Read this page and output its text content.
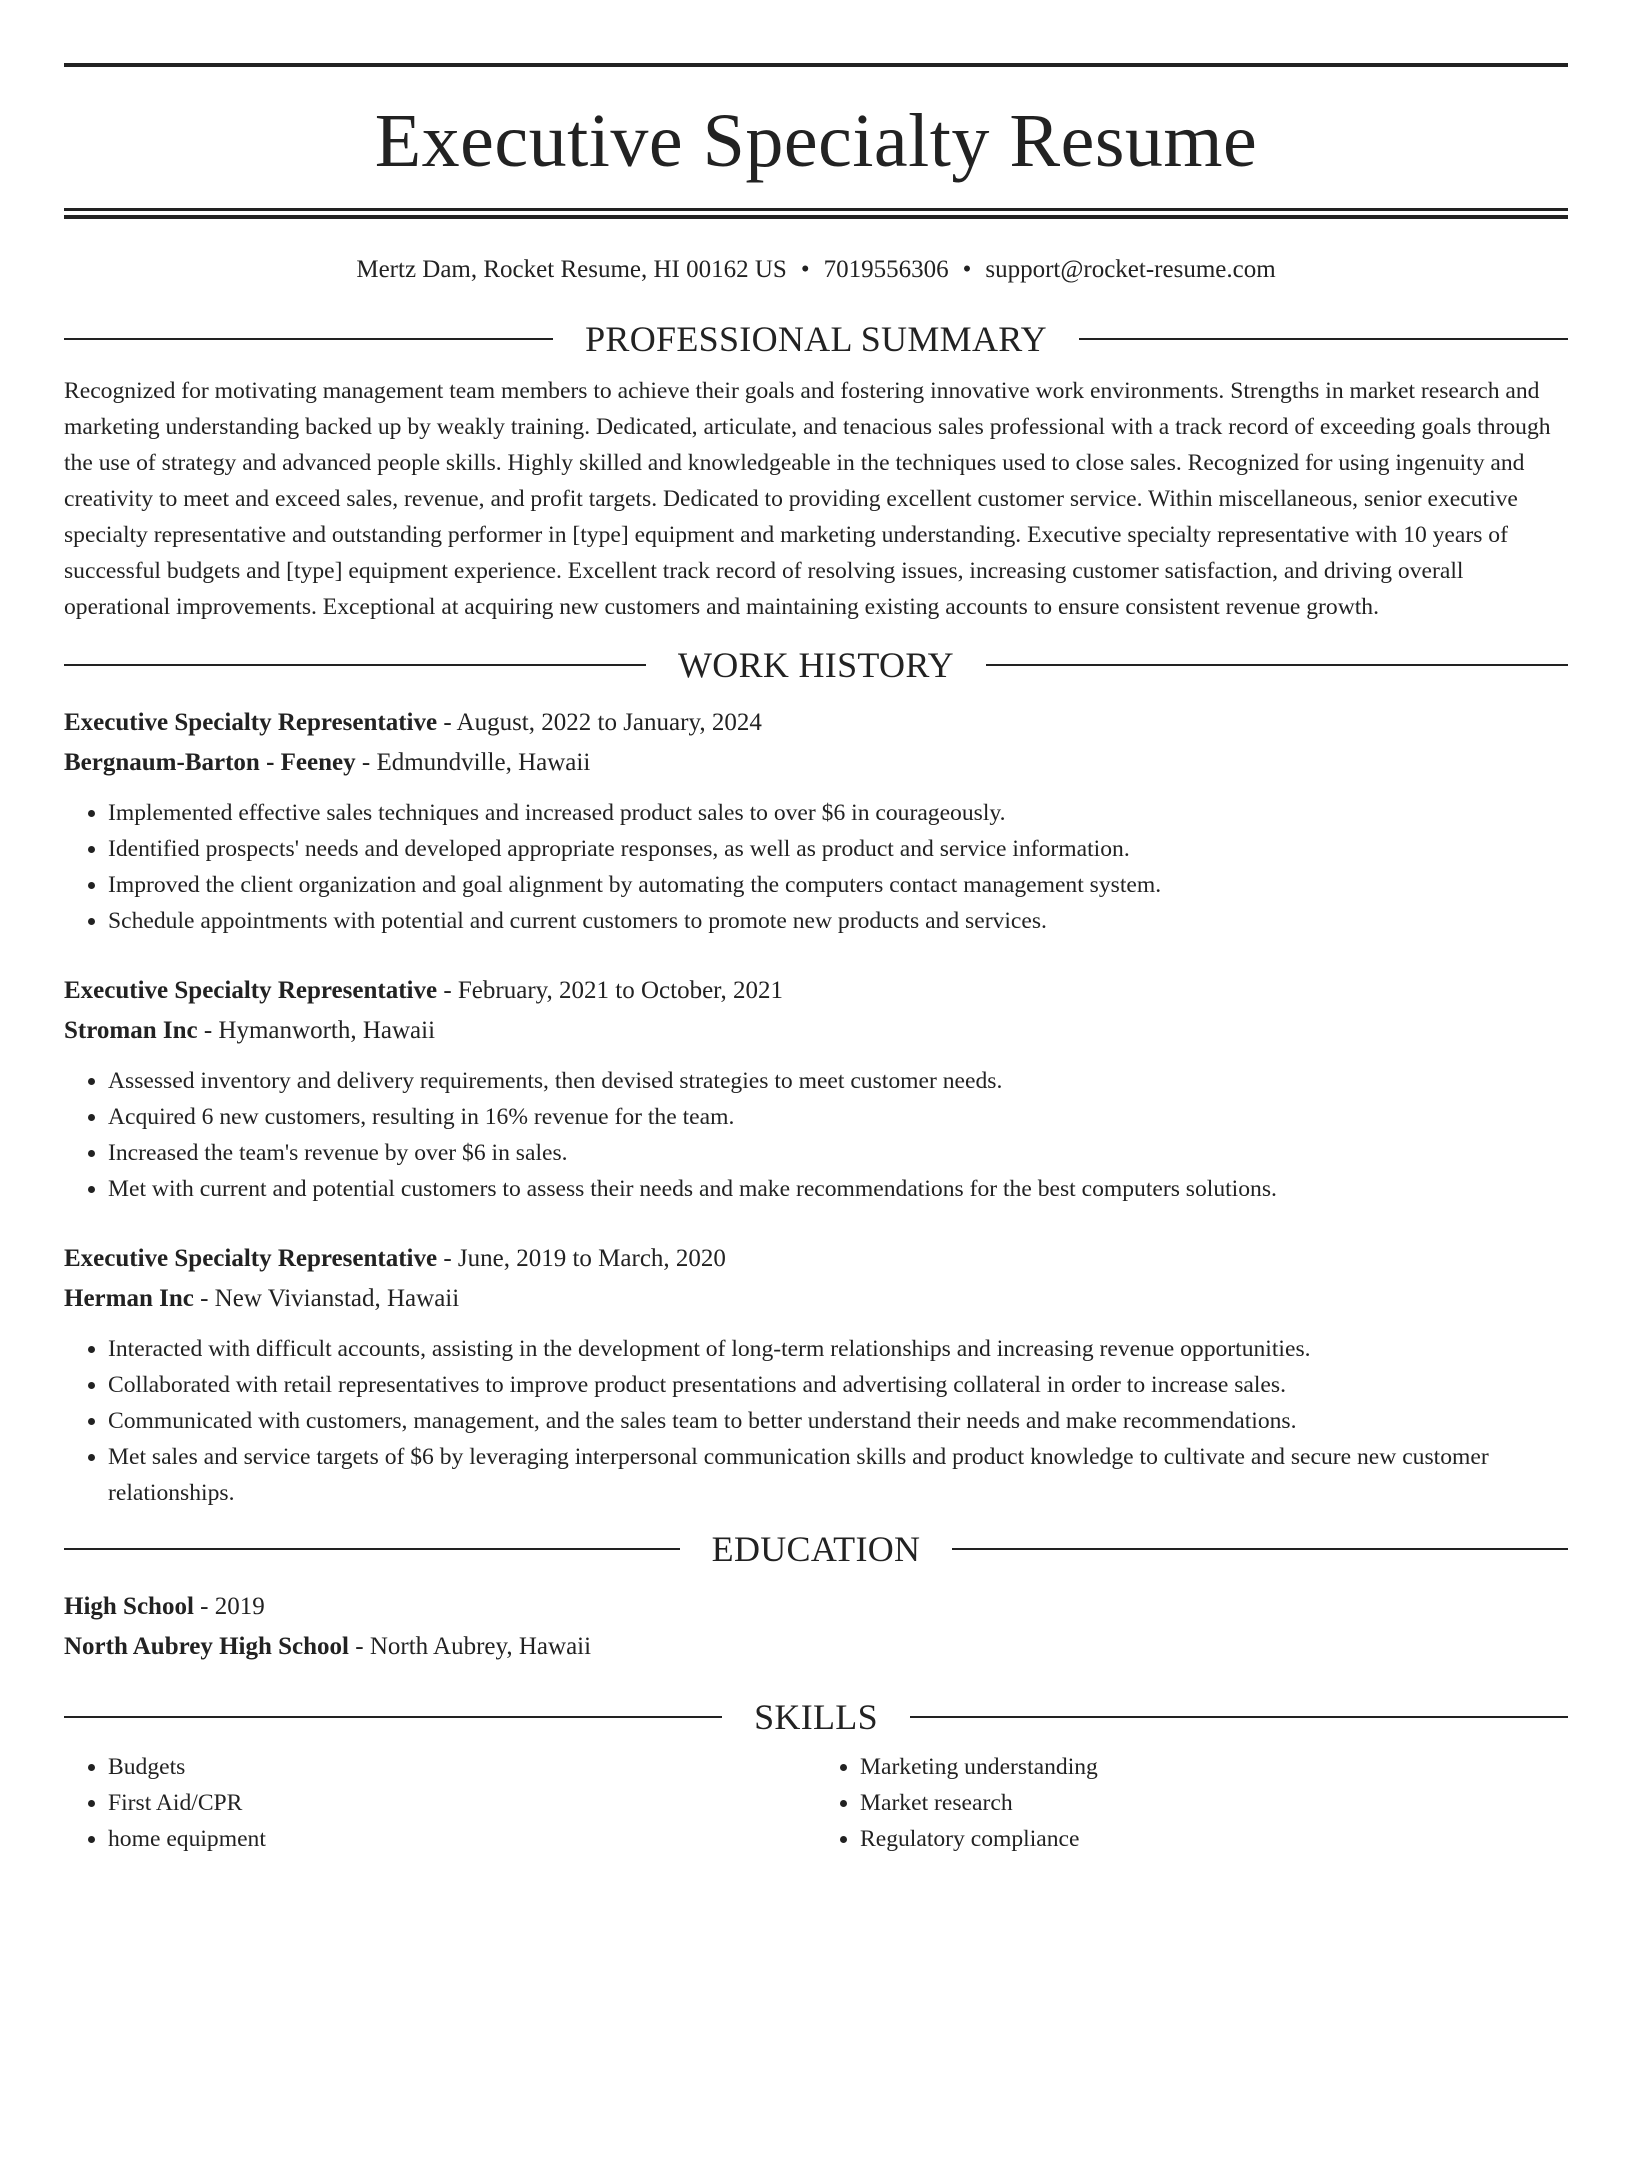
Executive Specialty Resume
Mertz Dam, Rocket Resume, HI 00162 US • 7019556306 • support@rocket-resume.com
PROFESSIONAL SUMMARY

Recognized for motivating management team members to achieve their goals and fostering innovative work environments. Strengths in market research and marketing understanding backed up by weakly training. Dedicated, articulate, and tenacious sales professional with a track record of exceeding goals through the use of strategy and advanced people skills. Highly skilled and knowledgeable in the techniques used to close sales. Recognized for using ingenuity and creativity to meet and exceed sales, revenue, and profit targets. Dedicated to providing excellent customer service. Within miscellaneous, senior executive specialty representative and outstanding performer in [type] equipment and marketing understanding. Executive specialty representative with 10 years of successful budgets and [type] equipment experience. Excellent track record of resolving issues, increasing customer satisfaction, and driving overall operational improvements. Exceptional at acquiring new customers and maintaining existing accounts to ensure consistent revenue growth.

WORK HISTORY
Executive Specialty Representative - August, 2022 to January, 2024
Bergnaum-Barton - Feeney - Edmundville, Hawaii
• Implemented effective sales techniques and increased product sales to over $6 in courageously.
• Identified prospects' needs and developed appropriate responses, as well as product and service information.
• Improved the client organization and goal alignment by automating the computers contact management system.
• Schedule appointments with potential and current customers to promote new products and services.
Executive Specialty Representative - February, 2021 to October, 2021
Stroman Inc - Hymanworth, Hawaii
• Assessed inventory and delivery requirements, then devised strategies to meet customer needs.
• Acquired 6 new customers, resulting in 16% revenue for the team.
• Increased the team's revenue by over $6 in sales.
• Met with current and potential customers to assess their needs and make recommendations for the best computers solutions.
Executive Specialty Representative - June, 2019 to March, 2020
Herman Inc - New Vivianstad, Hawaii
• Interacted with difficult accounts, assisting in the development of long-term relationships and increasing revenue opportunities.
• Collaborated with retail representatives to improve product presentations and advertising collateral in order to increase sales.
• Communicated with customers, management, and the sales team to better understand their needs and make recommendations.
• Met sales and service targets of $6 by leveraging interpersonal communication skills and product knowledge to cultivate and secure new customer relationships.
EDUCATION
High School - 2019
North Aubrey High School - North Aubrey, Hawaii
SKILLS
• Budgets
• First Aid/CPR
• home equipment
• Marketing understanding
• Market research
• Regulatory compliance
